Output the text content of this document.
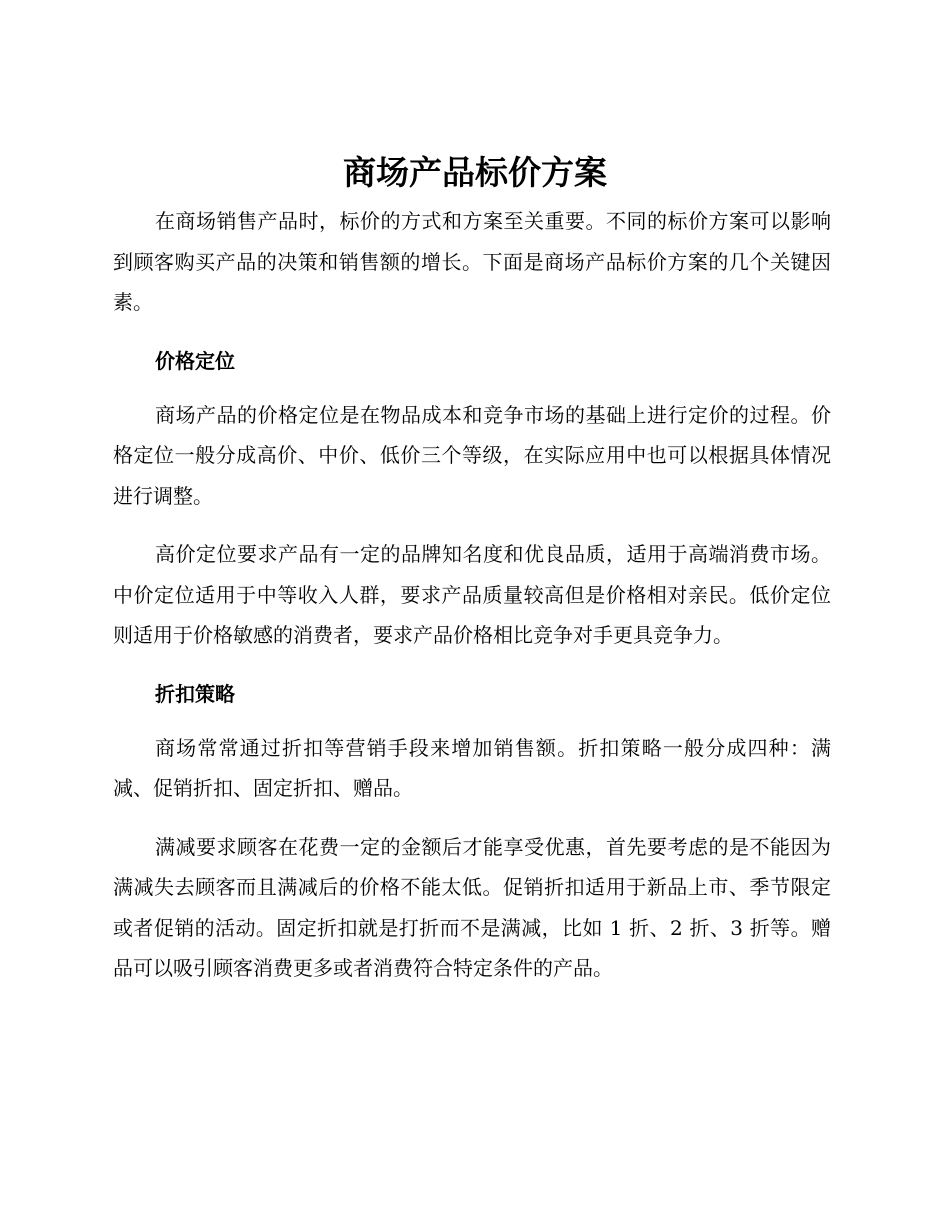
商场产品标价方案

在商场销售产品时，标价的方式和方案至关重要。不同的标价方案可以影响到顾客购买产品的决策和销售额的增长。下面是商场产品标价方案的几个关键因素。

价格定位

商场产品的价格定位是在物品成本和竞争市场的基础上进行定价的过程。价格定位一般分成高价、中价、低价三个等级，在实际应用中也可以根据具体情况进行调整。

高价定位要求产品有一定的品牌知名度和优良品质，适用于高端消费市场。中价定位适用于中等收入人群，要求产品质量较高但是价格相对亲民。低价定位则适用于价格敏感的消费者，要求产品价格相比竞争对手更具竞争力。

折扣策略

商场常常通过折扣等营销手段来增加销售额。折扣策略一般分成四种：满减、促销折扣、固定折扣、赠品。

满减要求顾客在花费一定的金额后才能享受优惠，首先要考虑的是不能因为满减失去顾客而且满减后的价格不能太低。促销折扣适用于新品上市、季节限定或者促销的活动。固定折扣就是打折而不是满减，比如 1 折、2 折、3 折等。赠品可以吸引顾客消费更多或者消费符合特定条件的产品。
